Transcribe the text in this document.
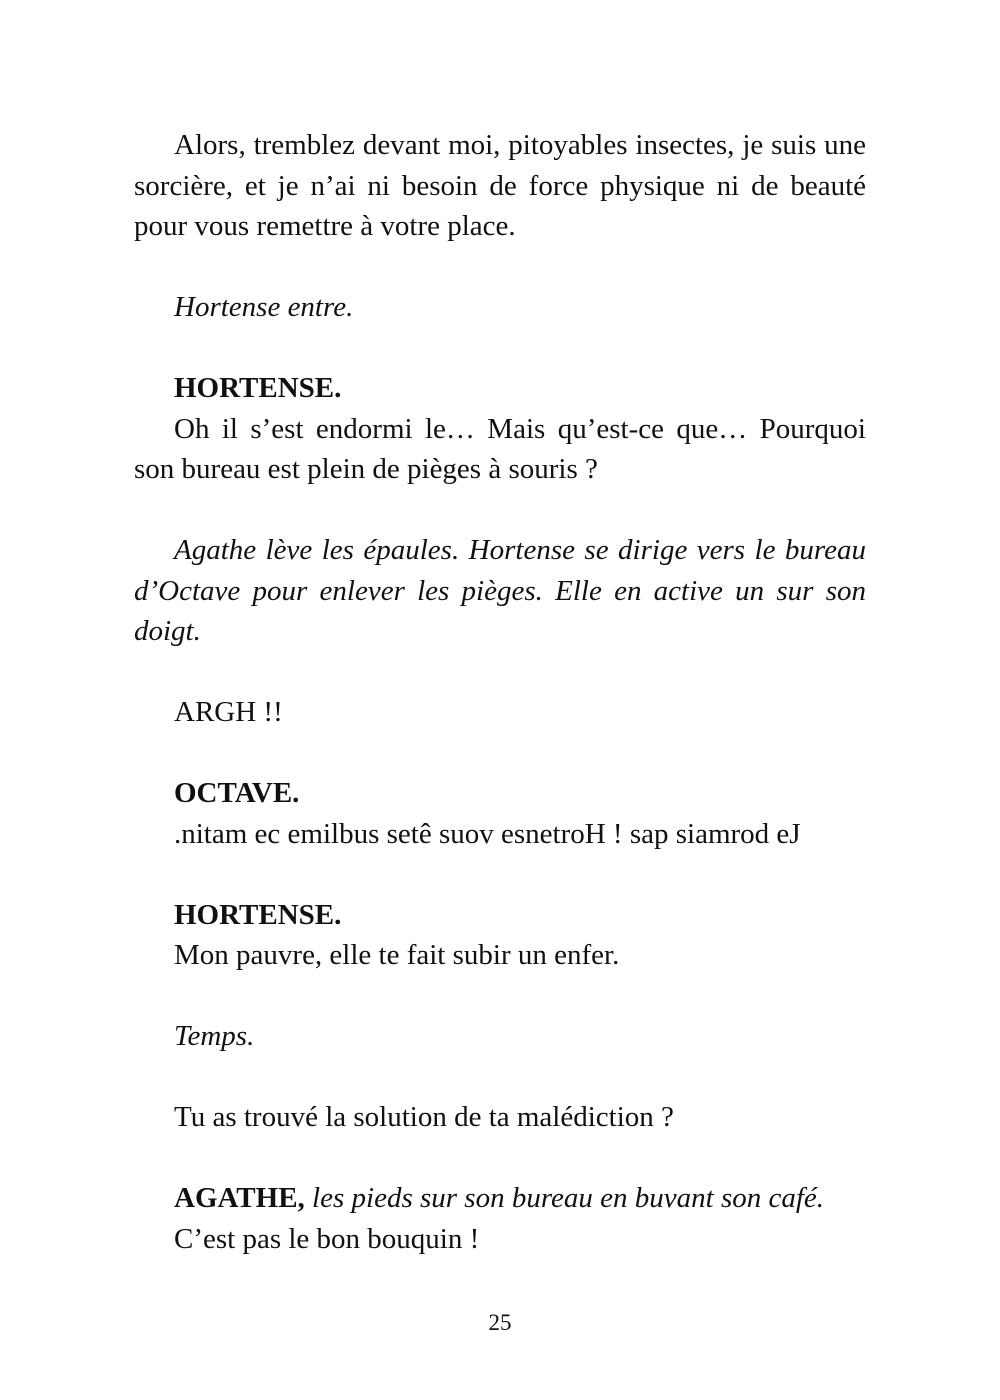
Alors, tremblez devant moi, pitoyables insectes, je suis une sorcière, et je n’ai ni besoin de force physique ni de beauté pour vous remettre à votre place.

Hortense entre.

HORTENSE.

Oh il s’est endormi le… Mais qu’est-ce que… Pourquoi son bureau est plein de pièges à souris ?

Agathe lève les épaules. Hortense se dirige vers le bureau d’Octave pour enlever les pièges. Elle en active un sur son doigt.

ARGH !!

OCTAVE.

.nitam ec emilbus setê suov esnetroH ! sap siamrod eJ

HORTENSE.

Mon pauvre, elle te fait subir un enfer.

Temps.

Tu as trouvé la solution de ta malédiction ?

AGATHE, les pieds sur son bureau en buvant son café.

C’est pas le bon bouquin !

25
